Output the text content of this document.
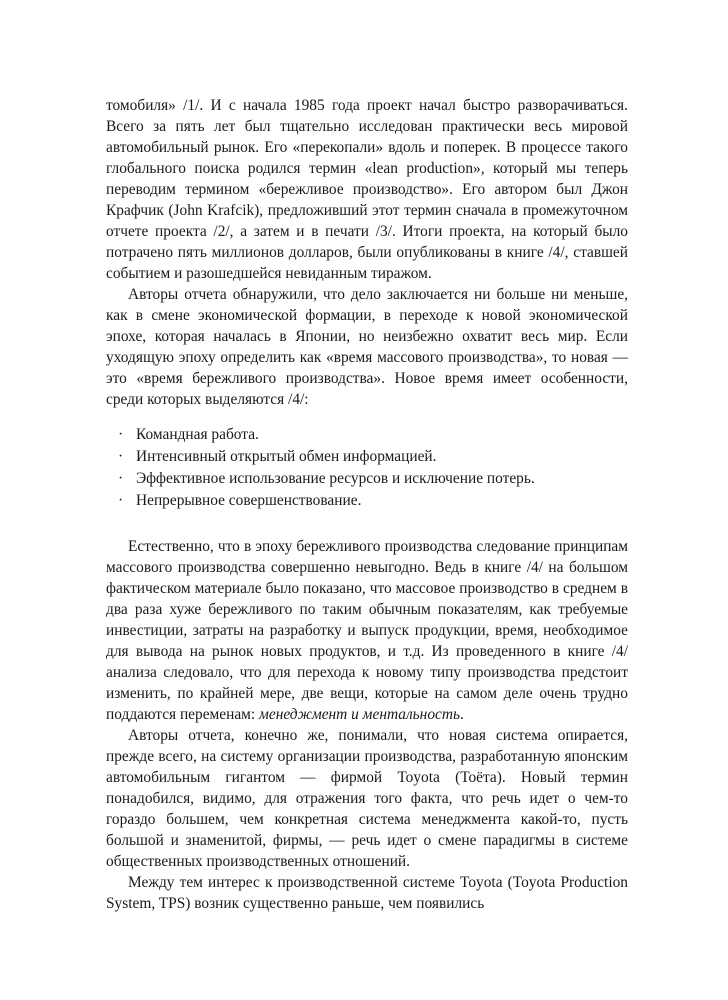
томобиля» /1/. И с начала 1985 года проект начал быстро разворачиваться. Всего за пять лет был тщательно исследован практически весь мировой автомобильный рынок. Его «перекопали» вдоль и поперек. В процессе такого глобального поиска родился термин «lean production», который мы теперь переводим термином «бережливое производство». Его автором был Джон Крафчик (John Krafcik), предложивший этот термин сначала в промежуточном отчете проекта /2/, а затем и в печати /3/. Итоги проекта, на который было потрачено пять миллионов долларов, были опубликованы в книге /4/, ставшей событием и разошедшейся невиданным тиражом.

Авторы отчета обнаружили, что дело заключается ни больше ни меньше, как в смене экономической формации, в переходе к новой экономической эпохе, которая началась в Японии, но неизбежно охватит весь мир. Если уходящую эпоху определить как «время массового производства», то новая — это «время бережливого производства». Новое время имеет особенности, среди которых выделяются /4/:

· Командная работа.
· Интенсивный открытый обмен информацией.
· Эффективное использование ресурсов и исключение потерь.
· Непрерывное совершенствование.

Естественно, что в эпоху бережливого производства следование принципам массового производства совершенно невыгодно. Ведь в книге /4/ на большом фактическом материале было показано, что массовое производство в среднем в два раза хуже бережливого по таким обычным показателям, как требуемые инвестиции, затраты на разработку и выпуск продукции, время, необходимое для вывода на рынок новых продуктов, и т.д. Из проведенного в книге /4/ анализа следовало, что для перехода к новому типу производства предстоит изменить, по крайней мере, две вещи, которые на самом деле очень трудно поддаются переменам: менеджмент и ментальность.

Авторы отчета, конечно же, понимали, что новая система опирается, прежде всего, на систему организации производства, разработанную японским автомобильным гигантом — фирмой Toyota (Тоёта). Новый термин понадобился, видимо, для отражения того факта, что речь идет о чем-то гораздо большем, чем конкретная система менеджмента какой-то, пусть большой и знаменитой, фирмы, — речь идет о смене парадигмы в системе общественных производственных отношений.

Между тем интерес к производственной системе Toyota (Toyota Production System, TPS) возник существенно раньше, чем появились
